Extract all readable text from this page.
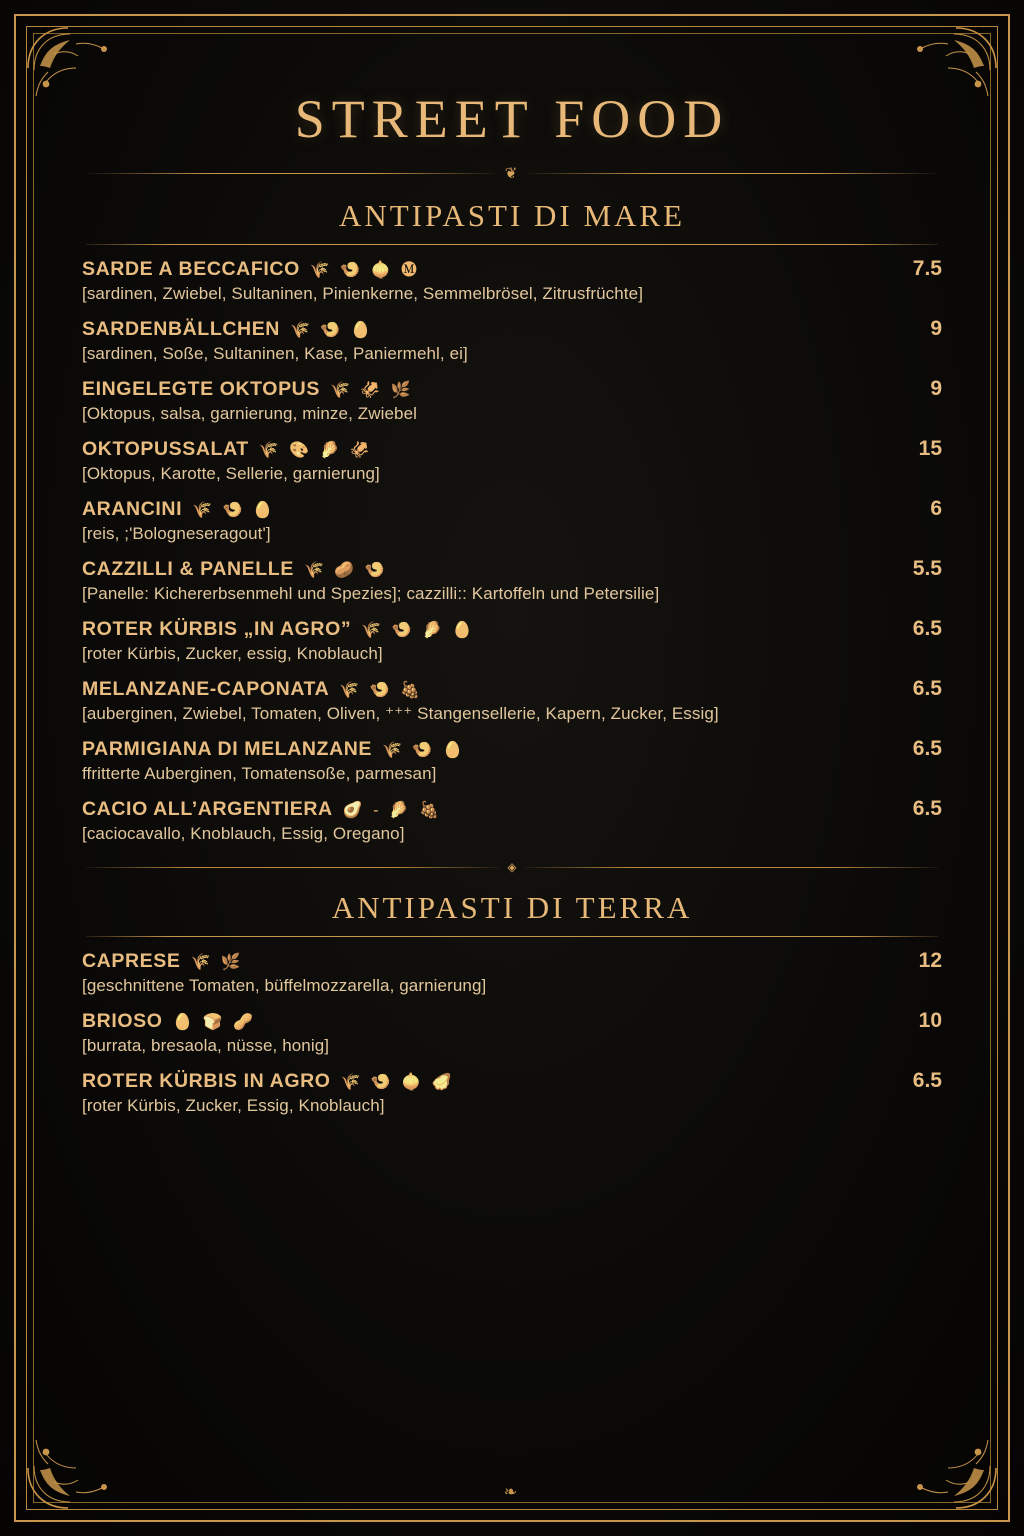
STREET FOOD
❦
ANTIPASTI DI MARE
SARDE A BECCAFICO 🌾 🍤 🧅 🅜	7.5
[sardinen, Zwiebel, Sultaninen, Pinienkerne, Semmelbrösel, Zitrusfrüchte]
SARDENBÄLLCHEN 🌾 🍤 🥚	9
[sardinen, Soße, Sultaninen, Kase, Paniermehl, ei]
EINGELEGTE OKTOPUS 🌾 🦑 🌿	9
[Oktopus, salsa, garnierung, minze, Zwiebel
OKTOPUSSALAT 🌾 🎨 🥬 🦑	15
[Oktopus, Karotte, Sellerie, garnierung]
ARANCINI 🌾 🍤 🥚	6
[reis, ;'Bologneseragout']
CAZZILLI & PANELLE 🌾 🥔 🍤	5.5
[Panelle: Kichererbsenmehl und Spezies]; cazzilli:: Kartoffeln und Petersilie]
ROTER KÜRBIS „IN AGRO” 🌾 🍤 🥬 🥚	6.5
[roter Kürbis, Zucker, essig, Knoblauch]
MELANZANE-CAPONATA 🌾 🍤 🍇	6.5
[auberginen, Zwiebel, Tomaten, Oliven, ⁺⁺⁺ Stangensellerie, Kapern, Zucker, Essig]
PARMIGIANA DI MELANZANE 🌾 🍤 🥚	6.5
ffritterte Auberginen, Tomatensoße, parmesan]
CACIO ALL’ARGENTIERA 🥑 - 🥬 🍇	6.5
[caciocavallo, Knoblauch, Essig, Oregano]
◈
ANTIPASTI DI TERRA
CAPRESE 🌾 🌿	12
[geschnittene Tomaten, büffelmozzarella, garnierung]
BRIOSO 🥚 🍞 🥜	10
[burrata, bresaola, nüsse, honig]
ROTER KÜRBIS IN AGRO 🌾 🍤 🧅 🦪	6.5
[roter Kürbis, Zucker, Essig, Knoblauch]
❧
